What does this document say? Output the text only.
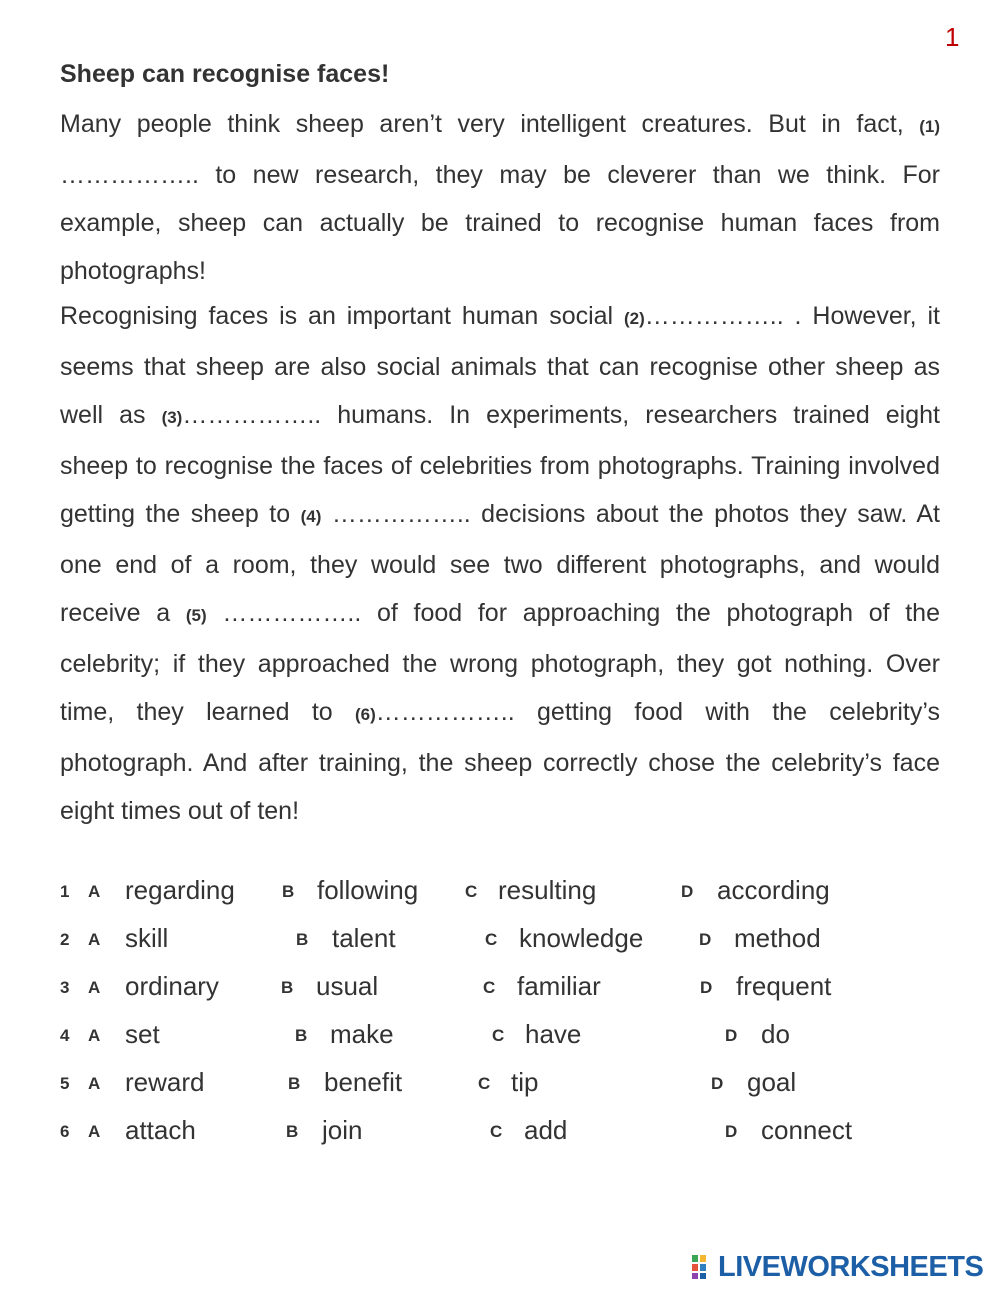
1
Sheep can recognise faces!
Many people think sheep aren’t very intelligent creatures. But in fact, (1) …………….. to new research, they may be cleverer than we think. For example, sheep can actually be trained to recognise human faces from photographs!
Recognising faces is an important human social (2)…………….. . However, it seems that sheep are also social animals that can recognise other sheep as well as (3)…………….. humans. In experiments, researchers trained eight sheep to recognise the faces of celebrities from photographs. Training involved getting the sheep to (4) …………….. decisions about the photos they saw. At one end of a room, they would see two different photographs, and would receive a (5) …………….. of food for approaching the photograph of the celebrity; if they approached the wrong photograph, they got nothing. Over time, they learned to (6)…………….. getting food with the celebrity’s photograph. And after training, the sheep correctly chose the celebrity’s face eight times out of ten!
1 A regarding	B following	C resulting	D according
2 A skill	B talent	C knowledge	D method
3 A ordinary	B usual	C familiar	D frequent
4 A set	B make	C have	D do
5 A reward	B benefit	C tip	D goal
6 A attach	B join	C add	D connect
LIVEWORKSHEETS
